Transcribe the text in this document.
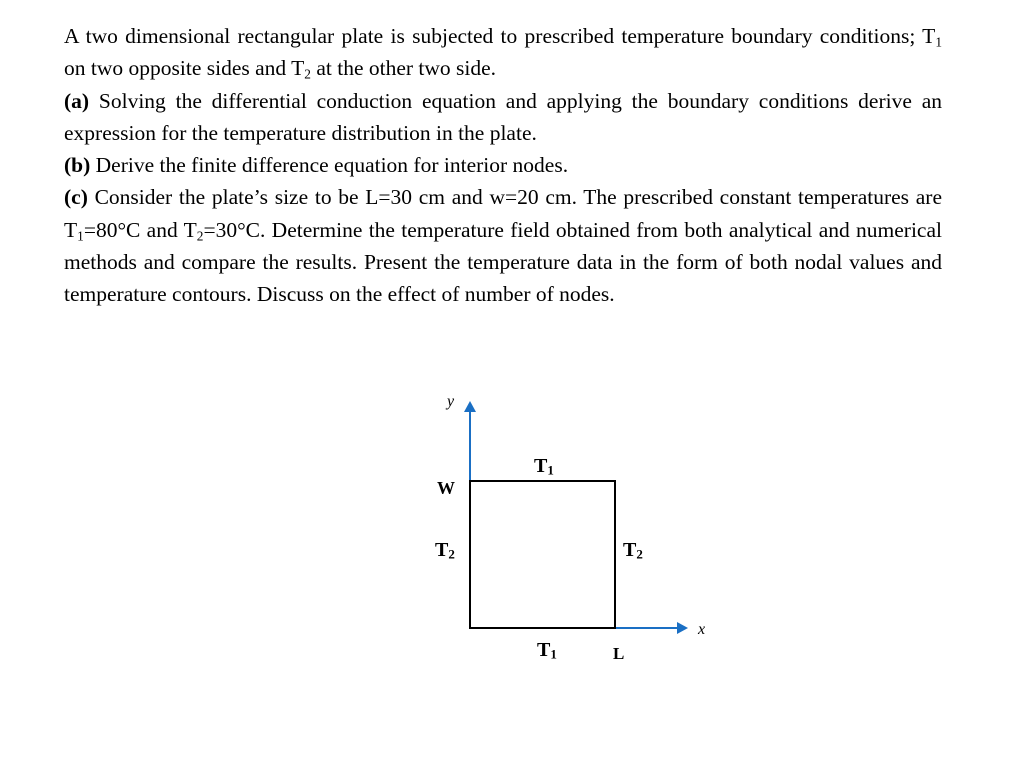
A two dimensional rectangular plate is subjected to prescribed temperature boundary conditions; $T_1$ on two opposite sides and $T_2$ at the other two side.

(a) Solving the differential conduction equation and applying the boundary conditions derive an expression for the temperature distribution in the plate.

(b) Derive the finite difference equation for interior nodes.

(c) Consider the plate’s size to be L=30 cm and w=20 cm. The prescribed constant temperatures are $T_1=80^\circ C$ and $T_2=30^\circ C$. Determine the temperature field obtained from both analytical and numerical methods and compare the results. Present the temperature data in the form of both nodal values and temperature contours. Discuss on the effect of number of nodes.

y
x
$T_1$
$T_1$
$T_2$	$T_2$
W
L
